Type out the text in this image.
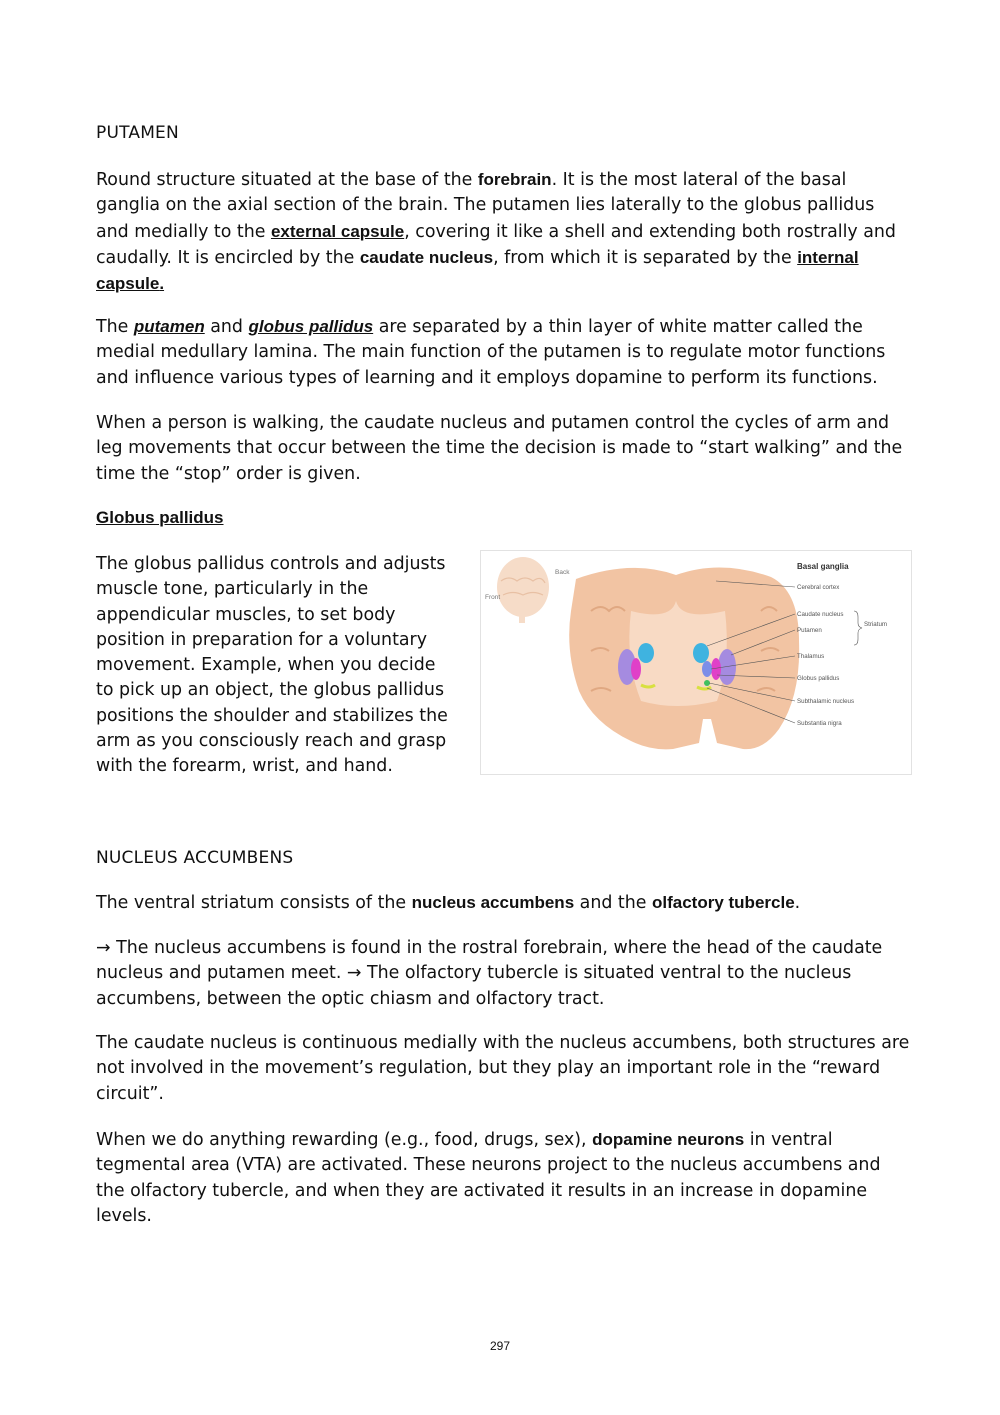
PUTAMEN

Round structure situated at the base of the forebrain. It is the most lateral of the basal ganglia on the axial section of the brain. The putamen lies laterally to the globus pallidus and medially to the external capsule, covering it like a shell and extending both rostrally and caudally. It is encircled by the caudate nucleus, from which it is separated by the internal capsule.

The putamen and globus pallidus are separated by a thin layer of white matter called the medial medullary lamina. The main function of the putamen is to regulate motor functions and influence various types of learning and it employs dopamine to perform its functions.

When a person is walking, the caudate nucleus and putamen control the cycles of arm and leg movements that occur between the time the decision is made to “start walking” and the time the “stop” order is given.

Globus pallidus

The globus pallidus controls and adjusts muscle tone, particularly in the appendicular muscles, to set body position in preparation for a voluntary movement. Example, when you decide to pick up an object, the globus pallidus positions the shoulder and stabilizes the arm as you consciously reach and grasp with the forearm, wrist, and hand.

Back
Front
Basal ganglia
Cerebral cortex
Caudate nucleus
Putamen
Thalamus
Globus pallidus
Subthalamic nucleus
Substantia nigra
Striatum
NUCLEUS ACCUMBENS

The ventral striatum consists of the nucleus accumbens and the olfactory tubercle.

→ The nucleus accumbens is found in the rostral forebrain, where the head of the caudate nucleus and putamen meet. → The olfactory tubercle is situated ventral to the nucleus accumbens, between the optic chiasm and olfactory tract.

The caudate nucleus is continuous medially with the nucleus accumbens, both structures are not involved in the movement’s regulation, but they play an important role in the “reward circuit”.

When we do anything rewarding (e.g., food, drugs, sex), dopamine neurons in ventral tegmental area (VTA) are activated. These neurons project to the nucleus accumbens and the olfactory tubercle, and when they are activated it results in an increase in dopamine levels.

297
